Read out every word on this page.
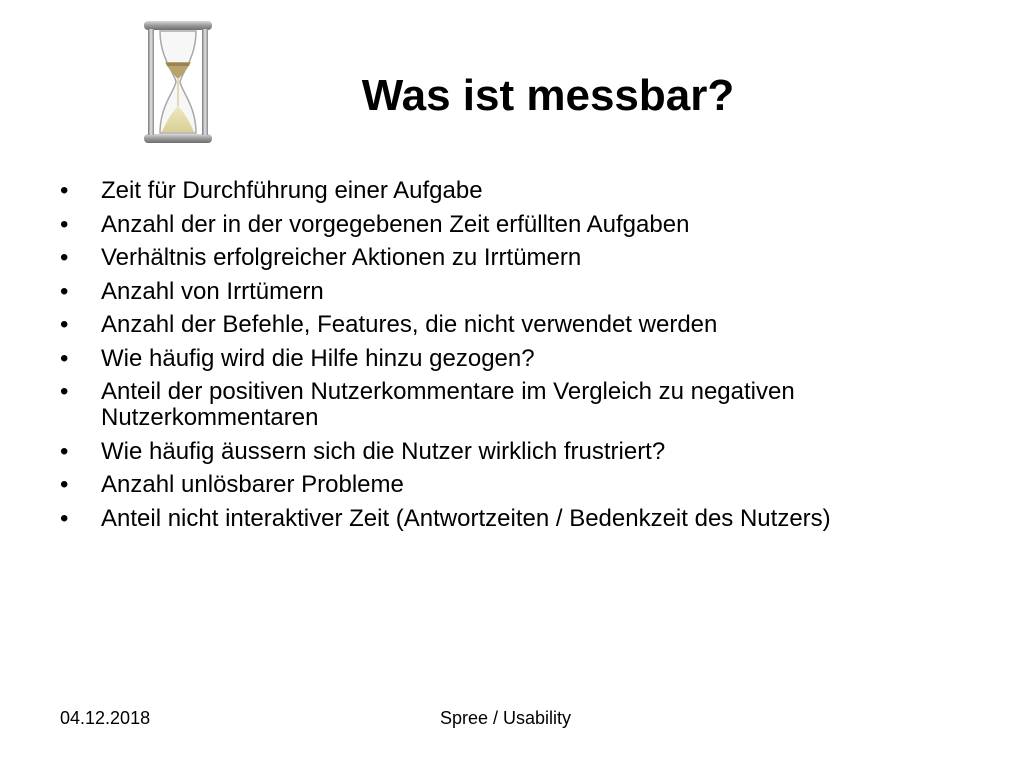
Was ist messbar?
•	Zeit für Durchführung einer Aufgabe
•	Anzahl der in der vorgegebenen Zeit erfüllten Aufgaben
•	Verhältnis erfolgreicher Aktionen zu Irrtümern
•	Anzahl von Irrtümern
•	Anzahl der Befehle, Features, die nicht verwendet werden
•	Wie häufig wird die Hilfe hinzu gezogen?
•	Anteil der positiven Nutzerkommentare im Vergleich zu negativen Nutzerkommentaren
•	Wie häufig äussern sich die Nutzer wirklich frustriert?
•	Anzahl unlösbarer Probleme
•	Anteil nicht interaktiver Zeit (Antwortzeiten / Bedenkzeit des Nutzers)
04.12.2018	Spree / Usability
